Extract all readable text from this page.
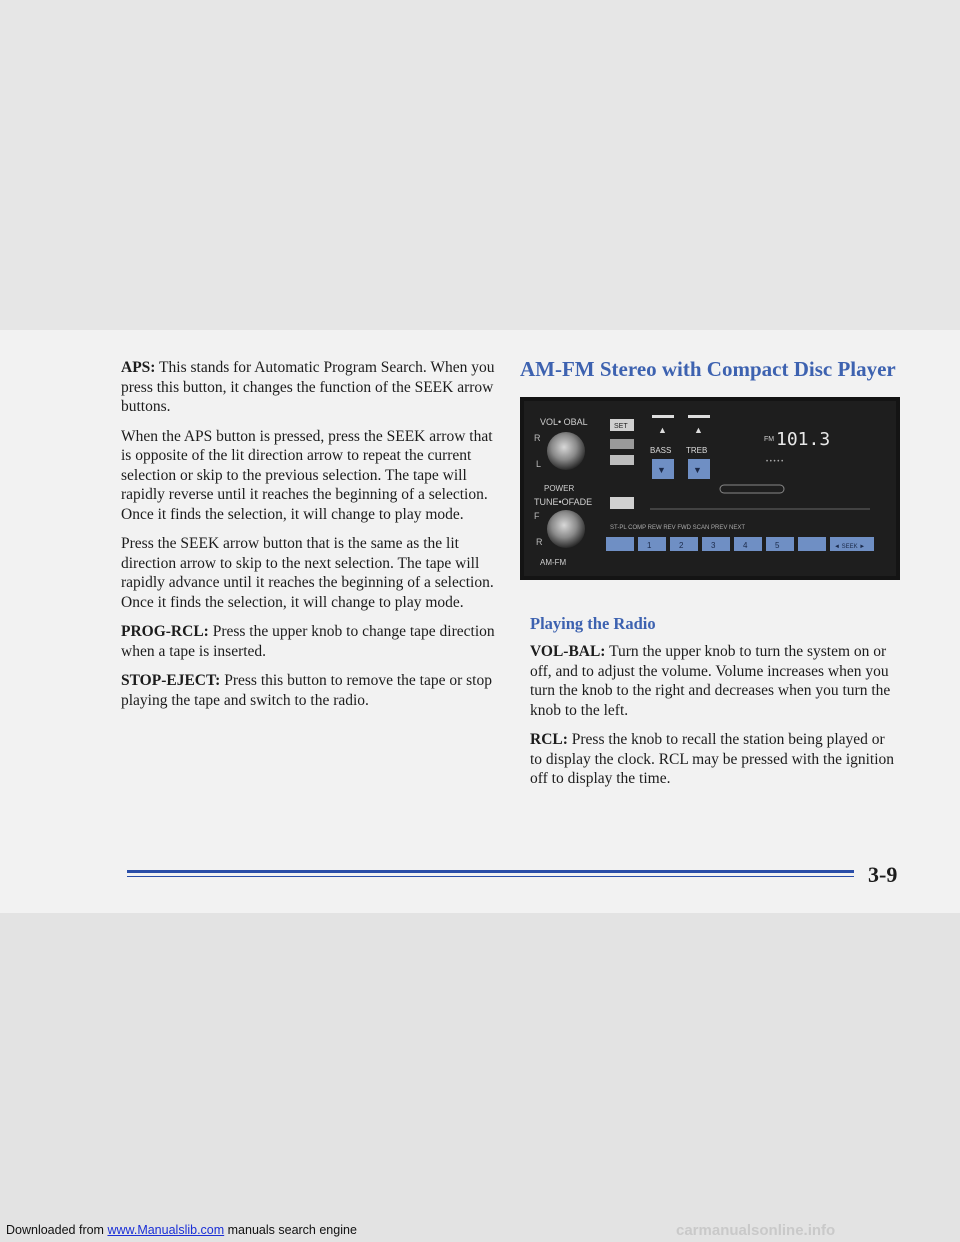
APS: This stands for Automatic Program Search. When you press this button, it changes the function of the SEEK arrow buttons.

When the APS button is pressed, press the SEEK arrow that is opposite of the lit direction arrow to repeat the current selection or skip to the previous selection. The tape will rapidly reverse until it reaches the beginning of a selection. Once it finds the selection, it will change to play mode.

Press the SEEK arrow button that is the same as the lit direction arrow to skip to the next selection. The tape will rapidly advance until it reaches the beginning of a selection. Once it finds the selection, it will change to play mode.

PROG-RCL: Press the upper knob to change tape direction when a tape is inserted.

STOP-EJECT: Press this button to remove the tape or stop playing the tape and switch to the radio.

AM-FM Stereo with Compact Disc Player
VOL• OBAL
R
L
POWER
TUNE•OFADE
F
R
AM-FM
SET	▲	▲
BASS TREB
▼	▼
FM 101.3
• • • • •
ST-PL COMP REW REV FWD SCAN PREV NEXT
1	2	3	4	5	◄ SEEK ►
Playing the Radio

VOL-BAL: Turn the upper knob to turn the system on or off, and to adjust the volume. Volume increases when you turn the knob to the right and decreases when you turn the knob to the left.

RCL: Press the knob to recall the station being played or to display the clock. RCL may be pressed with the ignition off to display the time.

3-9
Downloaded from www.Manualslib.com manuals search engine	carmanualsonline.info
